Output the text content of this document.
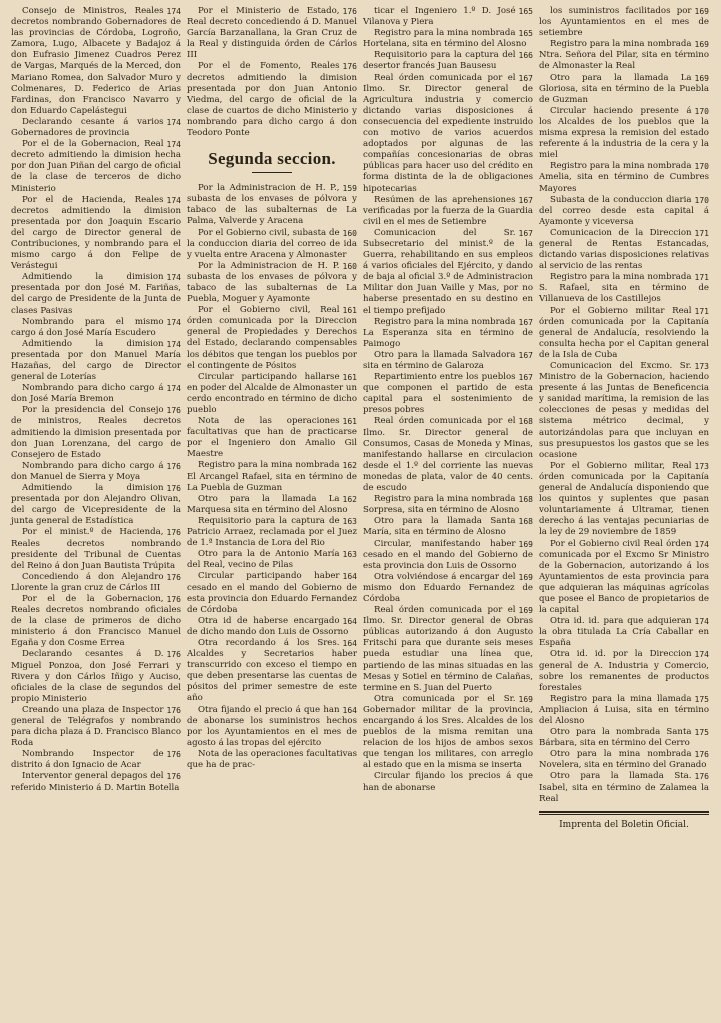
174
Consejo de Ministros, Reales decretos nombrando Gobernadores de las provincias de Córdoba, Logroño, Zamora, Lugo, Albacete y Badajoz á don Eufrasio Jimenez Cuadros Perez de Vargas, Marqués de la Merced, don Mariano Romea, don Salvador Muro y Colmenares, D. Federico de Arias Fardinas, don Francisco Navarro y don Eduardo Capelástegui

174
Declarando cesante á varios Gobernadores de provincia

174
Por el de la Gobernacion, Real decreto admitiendo la dimision hecha por don Juan Piñan del cargo de oficial de la clase de terceros de dicho Ministerio

174
Por el de Hacienda, Reales decretos admitiendo la dimision presentada por don Joaquin Escario del cargo de Director general de Contribuciones, y nombrando para el mismo cargo á don Felipe de Verástegui

174
Admitiendo la dimision presentada por don José M. Fariñas, del cargo de Presidente de la Junta de clases Pasivas

174
Nombrando para el mismo cargo á don José María Escudero

174
Admitiendo la dimision presentada por don Manuel María Hazañas, del cargo de Director general de Loterías

174
Nombrando para dicho cargo á don José María Bremon

176
Por la presidencia del Consejo de ministros, Reales decretos admitiendo la dimision presentada por don Juan Lorenzana, del cargo de Consejero de Estado

176
Nombrando para dicho cargo á don Manuel de Sierra y Moya

176
Admitiendo la dimision presentada por don Alejandro Olivan, del cargo de Vicepresidente de la junta general de Estadística

176
Por el minist.º de Hacienda, Reales decretos nombrando presidente del Tribunal de Cuentas del Reino á don Juan Bautista Trúpita

176
Concediendo á don Alejandro Llorente la gran cruz de Cárlos III

176
Por el de la Gobernacion, Reales decretos nombrando oficiales de la clase de primeros de dicho ministerio á don Francisco Manuel Egaña y don Cosme Errea

176
Declarando cesantes á D. Miguel Ponzoa, don José Ferrari y Rivera y don Cárlos Iñigo y Auciso, oficiales de la clase de segundos del propio Ministerio

176
Creando una plaza de Inspector general de Telégrafos y nombrando para dicha plaza á D. Francisco Blanco Roda

176
Nombrando Inspector de distrito á don Ignacio de Acar

176
Interventor general depagos del referido Ministerio á D. Martin Botella

176
Por el Ministerio de Estado, Real decreto concediendo á D. Manuel García Barzanallana, la Gran Cruz de la Real y distinguida órden de Cárlos III

176
Por el de Fomento, Reales decretos admitiendo la dimision presentada por don Juan Antonio Viedma, del cargo de oficial de la clase de cuartos de dicho Ministerio y nombrando para dicho cargo á don Teodoro Ponte

Segunda seccion.

159
Por la Administracion de H. P., subasta de los envases de pólvora y tabaco de las subalternas de La Palma, Valverde y Aracena

160
Por el Gobierno civil, subasta de la conduccion diaria del correo de ida y vuelta entre Aracena y Almonaster

160
Por la Administracion de H. P. subasta de los envases de pólvora y tabaco de las subalternas de La Puebla, Moguer y Ayamonte

161
Por el Gobierno civil, Real órden comunicada por la Direccion general de Propiedades y Derechos del Estado, declarando compensables los débitos que tengan los pueblos por el contingente de Pósitos

161
Circular participando hallarse en poder del Alcalde de Almonaster un cerdo encontrado en término de dicho pueblo

161
Nota de las operaciones facultativas que han de practicarse por el Ingeniero don Amalio Gil Maestre

162
Registro para la mina nombrada El Arcangel Rafael, sita en término de La Puebla de Guzman

162
Otro para la llamada La Marquesa sita en término del Alosno

163
Requisitorio para la captura de Patricio Arraez, reclamada por el Juez de 1.ª Instancia de Lora del Rio

163
Otro para la de Antonio María del Real, vecino de Pilas

164
Circular participando haber cesado en el mando del Gobierno de esta provincia don Eduardo Fernandez de Córdoba

164
Otra id de haberse encargado de dicho mando don Luis de Ossorno

164
Otra recordando á los Sres. Alcaldes y Secretarios haber transcurrido con exceso el tiempo en que deben presentarse las cuentas de pósitos del primer semestre de este año

164
Otra fijando el precio á que han de abonarse los suministros hechos por los Ayuntamientos en el mes de agosto á las tropas del ejército

Nota de las operaciones facultativas que ha de prac-

165
ticar el Ingeniero 1.º D. José Vilanova y Piera

165
Registro para la mina nombrada Hortelana, sita en término del Alosno

166
Requisitorio para la captura del desertor francés Juan Bausesu

167
Real órden comunicada por el Ilmo. Sr. Director general de Agricultura industria y comercio dictando varias disposiciones á consecuencia del expediente instruido con motivo de varios acuerdos adoptados por algunas de las compañías concesionarias de obras públicas para hacer uso del crédito en forma distinta de la de obligaciones hipotecarias

167
Resúmen de las aprehensiones verificadas por la fuerza de la Guardia civil en el mes de Setiembre

167
Comunicacion del Sr. Subsecretario del minist.º de la Guerra, rehabilitando en sus empleos á varios oficiales del Ejército, y dando de baja al oficial 3.º de Administracion Militar don Juan Vaille y Mas, por no haberse presentado en su destino en el tiempo prefijado

167
Registro para la mina nombrada La Esperanza sita en término de Paimogo

167
Otro para la llamada Salvadora sita en término de Galaroza

167
Repartimiento entre los pueblos que componen el partido de esta capital para el sostenimiento de presos pobres

168
Real órden comunicada por el Ilmo. Sr. Director general de Consumos, Casas de Moneda y Minas, manifestando hallarse en circulacion desde el 1.º del corriente las nuevas monedas de plata, valor de 40 cents. de escudo

168
Registro para la mina nombrada Sorpresa, sita en término de Alosno

168
Otro para la llamada Santa María, sita en término de Alosno

169
Circular, manifestando haber cesado en el mando del Gobierno de esta provincia don Luis de Ossorno

169
Otra volviéndose á encargar del mismo don Eduardo Fernandez de Córdoba

169
Real órden comunicada por el Ilmo. Sr. Director general de Obras públicas autorizando á don Augusto Fritschi para que durante seis meses pueda estudiar una línea que, partiendo de las minas situadas en las Mesas y Sotiel en término de Calañas, termine en S. Juan del Puerto

169
Otra comunicada por el Sr. Gobernador militar de la provincia, encargando á los Sres. Alcaldes de los pueblos de la misma remitan una relacion de los hijos de ambos sexos que tengan los militares, con arreglo al estado que en la misma se inserta

Circular fijando los precios á que han de abonarse

169
los suministros facilitados por los Ayuntamientos en el mes de setiembre

169
Registro para la mina nombrada Ntra. Señora del Pilar, sita en término de Almonaster la Real

169
Otro para la llamada La Gloriosa, sita en término de la Puebla de Guzman

170
Circular haciendo presente á los Alcaldes de los pueblos que la misma expresa la remision del estado referente á la industria de la cera y la miel

170
Registro para la mina nombrada Amelia, sita en término de Cumbres Mayores

170
Subasta de la conduccion diaria del correo desde esta capital á Ayamonte y viceversa

171
Comunicacion de la Direccion general de Rentas Estancadas, dictando varias disposiciones relativas al servicio de las rentas

171
Registro para la mina nombrada S. Rafael, sita en término de Villanueva de los Castillejos

171
Por el Gobierno militar Real órden comunicada por la Capitanía general de Andalucía, resolviendo la consulta hecha por el Capitan general de la Isla de Cuba

173
Comunicacion del Excmo. Sr. Ministro de la Gobernacion, haciendo presente á las Juntas de Beneficencia y sanidad marítima, la remision de las colecciones de pesas y medidas del sistema métrico decimal, y autorizándolas para que incluyan en sus presupuestos los gastos que se les ocasione

173
Por el Gobierno militar, Real órden comunicada por la Capitanía general de Andalucía disponiendo que los quintos y suplentes que pasan voluntariamente á Ultramar, tienen derecho á las ventajas pecuniarias de la ley de 29 noviembre de 1859

174
Por el Gobierno civil Real órden comunicada por el Excmo Sr Ministro de la Gobernacion, autorizando á los Ayuntamientos de esta provincia para que adquieran las máquinas agrícolas que posee el Banco de propietarios de la capital

174
Otra id. id. para que adquieran la obra titulada La Cría Caballar en España

174
Otra id. id. por la Direccion general de A. Industria y Comercio, sobre los remanentes de productos forestales

175
Registro para la mina llamada Ampliacion á Luisa, sita en término del Alosno

175
Otro para la nombrada Santa Bárbara, sita en término del Cerro

176
Otro para la mina nombrada Novelera, sita en término del Granado

176
Otro para la llamada Sta. Isabel, sita en término de Zalamea la Real

Imprenta del Boletin Oficial.
